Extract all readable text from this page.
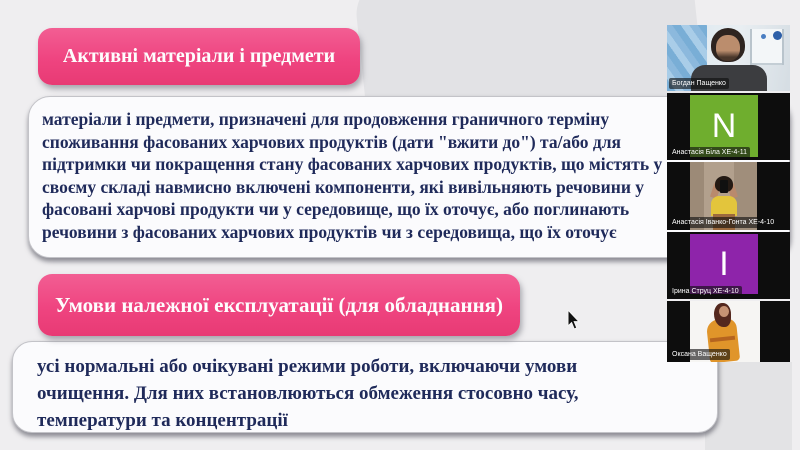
Активні матеріали і предмети
матеріали і предмети, призначені для продовження граничного терміну
споживання фасованих харчових продуктів (дати "вжити до") та/або для
підтримки чи покращення стану фасованих харчових продуктів, що містять у
своєму складі навмисно включені компоненти, які вивільняють речовини у
фасовані харчові продукти чи у середовище, що їх оточує, або поглинають
речовини з фасованих харчових продуктів чи з середовища, що їх оточує
Умови належної експлуатації (для обладнання)
усі нормальні або очікувані режими роботи, включаючи умови
очищення. Для них встановлюються обмеження стосовно часу,
температури та концентрації
Богдан Пащенко
N
Анастасія Біла ХЕ-4-11
Анастасія Іванко-Гонта ХЕ-4-10
I
Ірина Струц ХЕ-4-10
Оксана Ващенко
